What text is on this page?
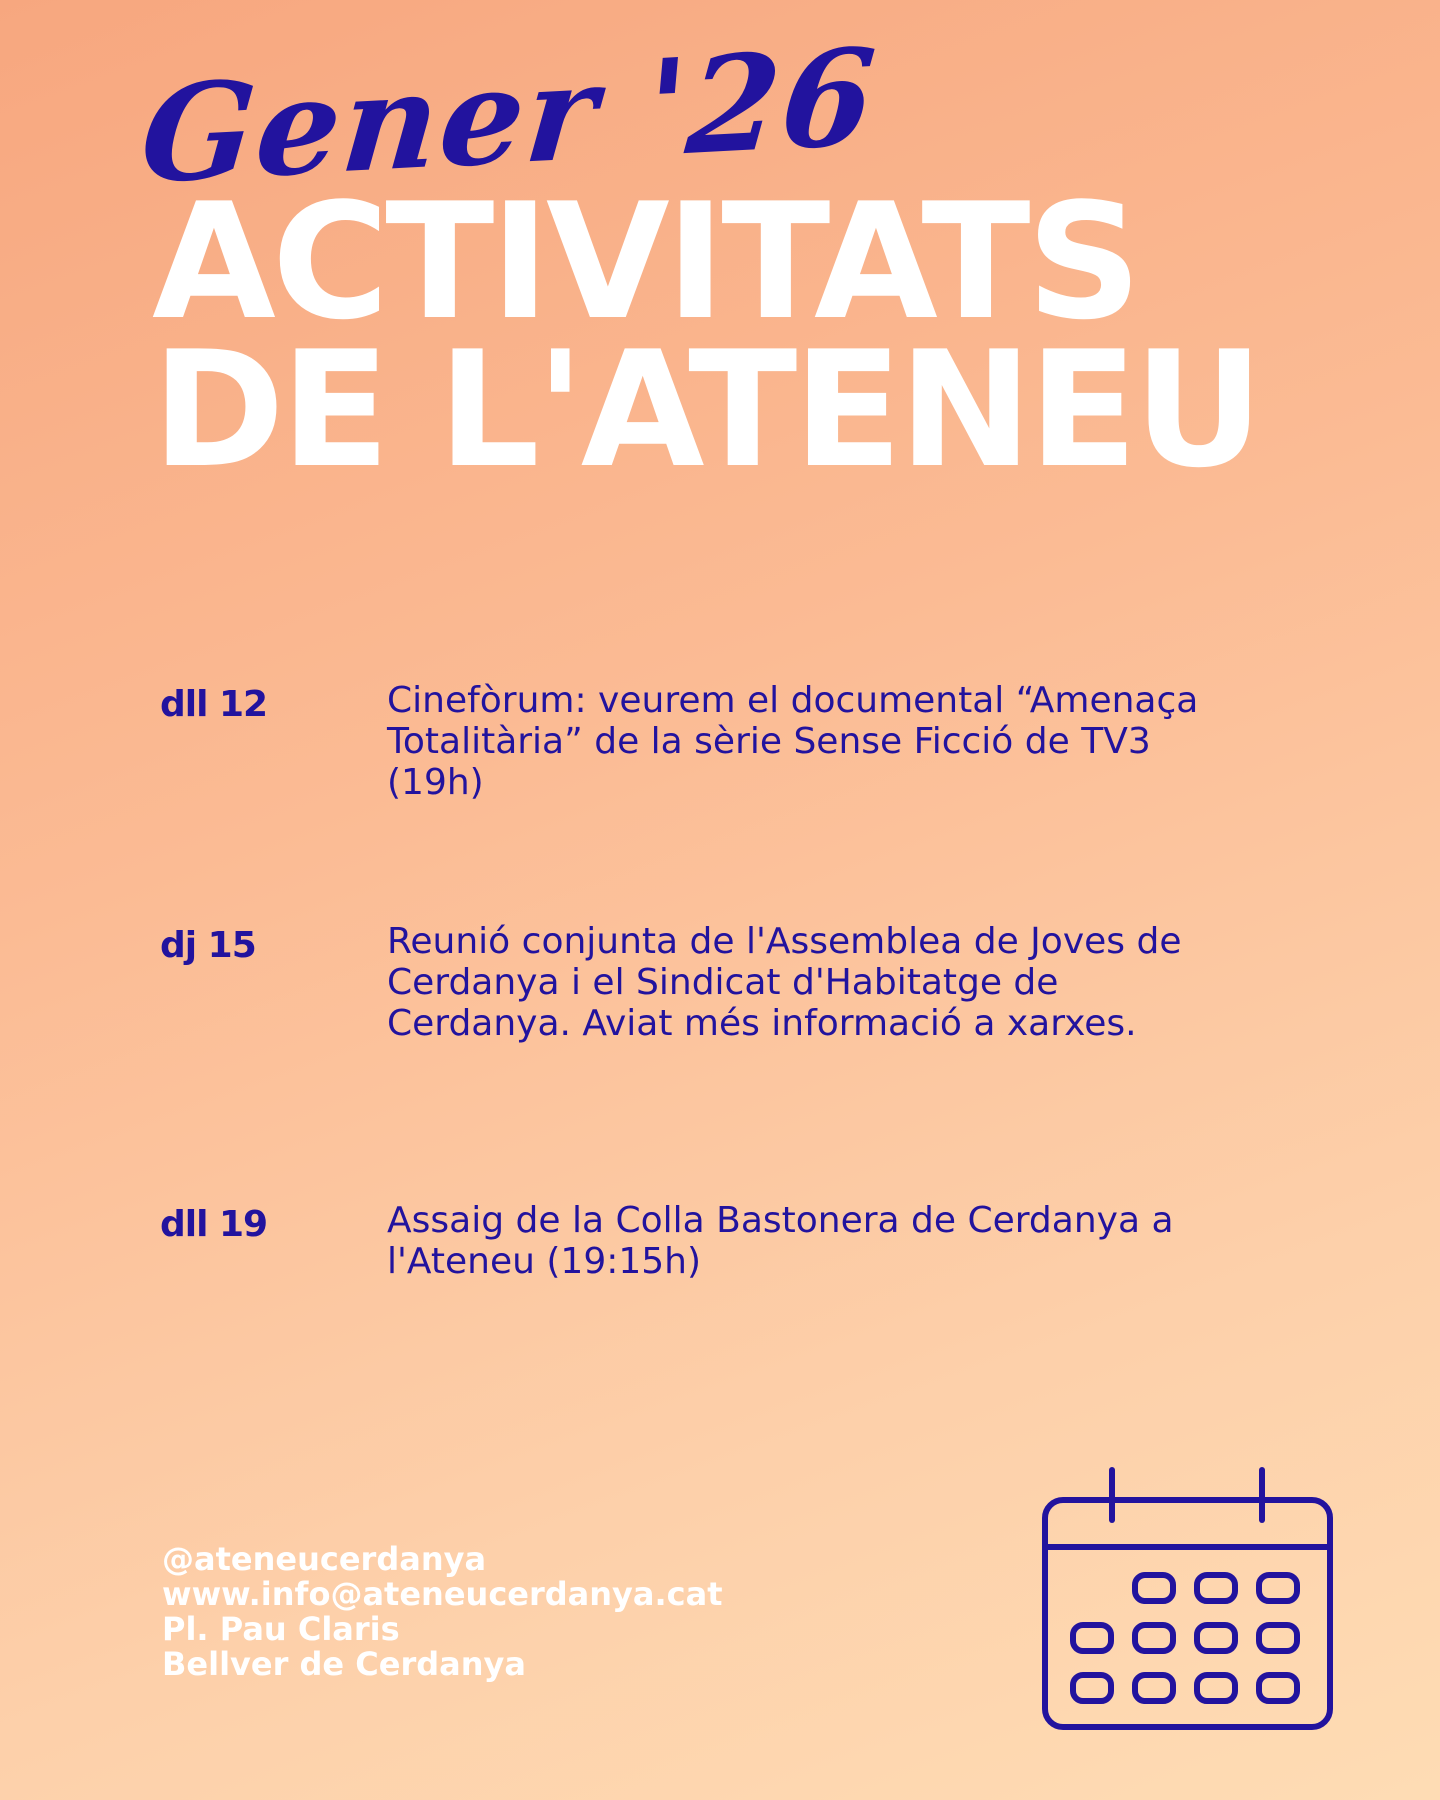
Gener '26
ACTIVITATS
DE L'ATENEU
dll 12	Cinefòrum: veurem el documental “Amenaça Totalitària” de la sèrie Sense Ficció de TV3 (19h)
dj 15	Reunió conjunta de l'Assemblea de Joves de Cerdanya i el Sindicat d'Habitatge de Cerdanya. Aviat més informació a xarxes.
dll 19	Assaig de la Colla Bastonera de Cerdanya a l'Ateneu (19:15h)
@ateneucerdanya
www.info@ateneucerdanya.cat
Pl. Pau Claris
Bellver de Cerdanya
